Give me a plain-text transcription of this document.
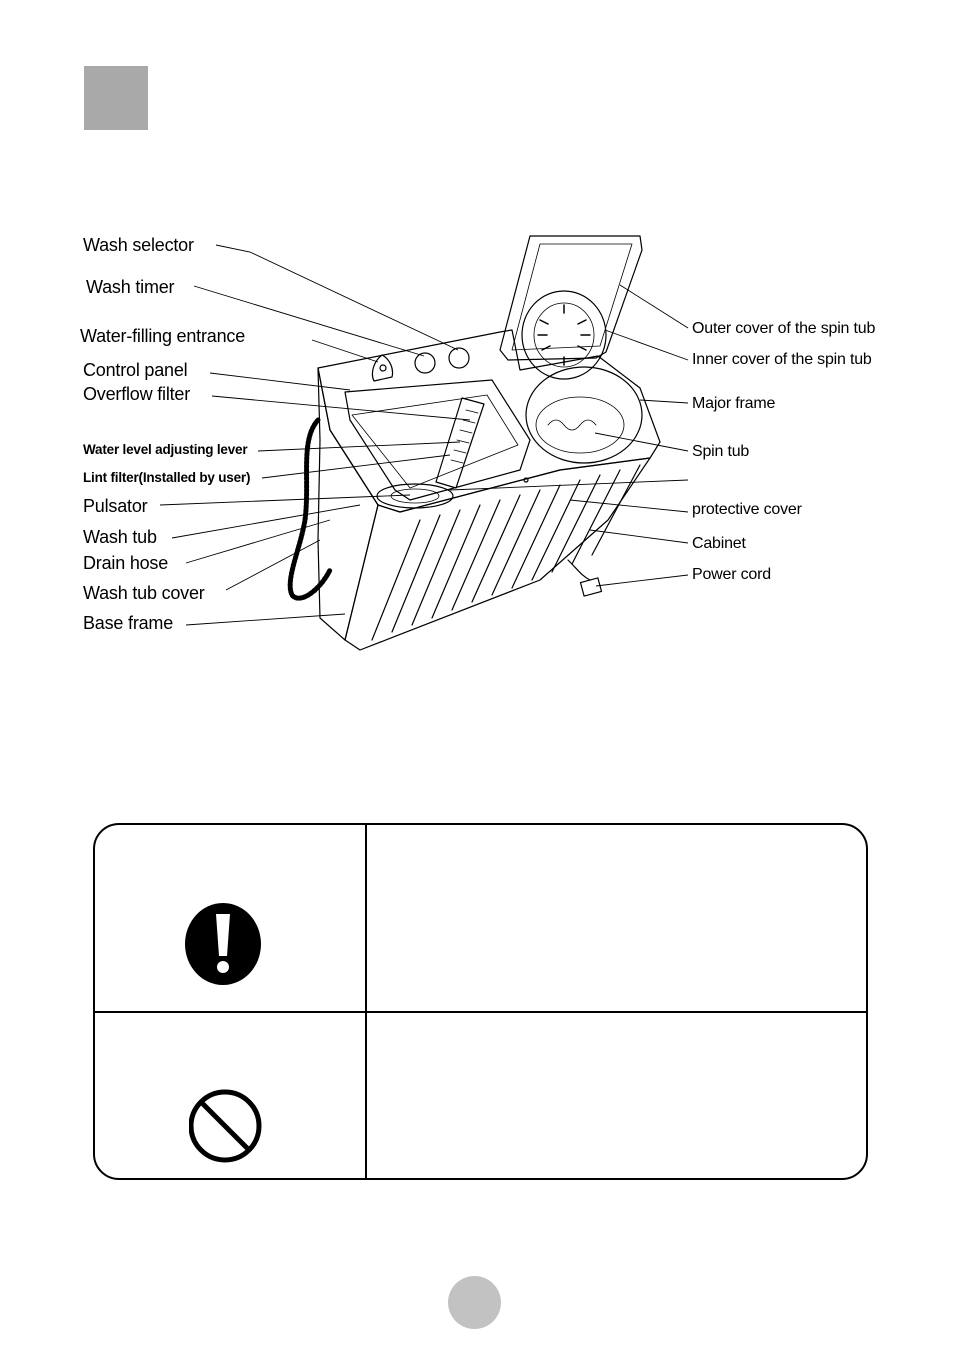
Wash selector
Wash timer
Water-filling entrance
Control panel
Overflow filter
Water level adjusting lever
Lint filter(Installed by user)
Pulsator
Wash tub
Drain hose
Wash tub cover
Base frame
Outer cover of the spin tub
Inner cover of the spin tub
Major frame
Spin tub
protective cover
Cabinet
Power cord
